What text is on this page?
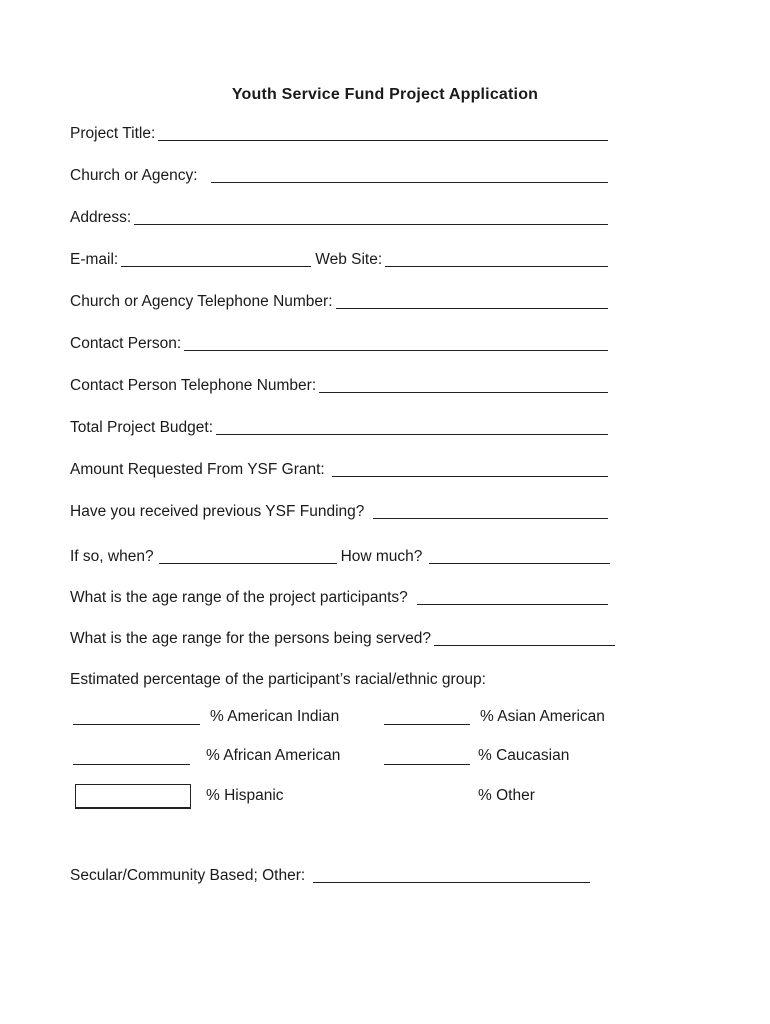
Youth Service Fund Project Application
Project Title:
Church or Agency:
Address:
E-mail:	Web Site:
Church or Agency Telephone Number:
Contact Person:
Contact Person Telephone Number:
Total Project Budget:
Amount Requested From YSF Grant:
Have you received previous YSF Funding?
If so, when?	How much?
What is the age range of the project participants?
What is the age range for the persons being served?
Estimated percentage of the participant’s racial/ethnic group:
% American Indian	% Asian American
% African American	% Caucasian
% Hispanic	% Other
Secular/Community Based; Other:
